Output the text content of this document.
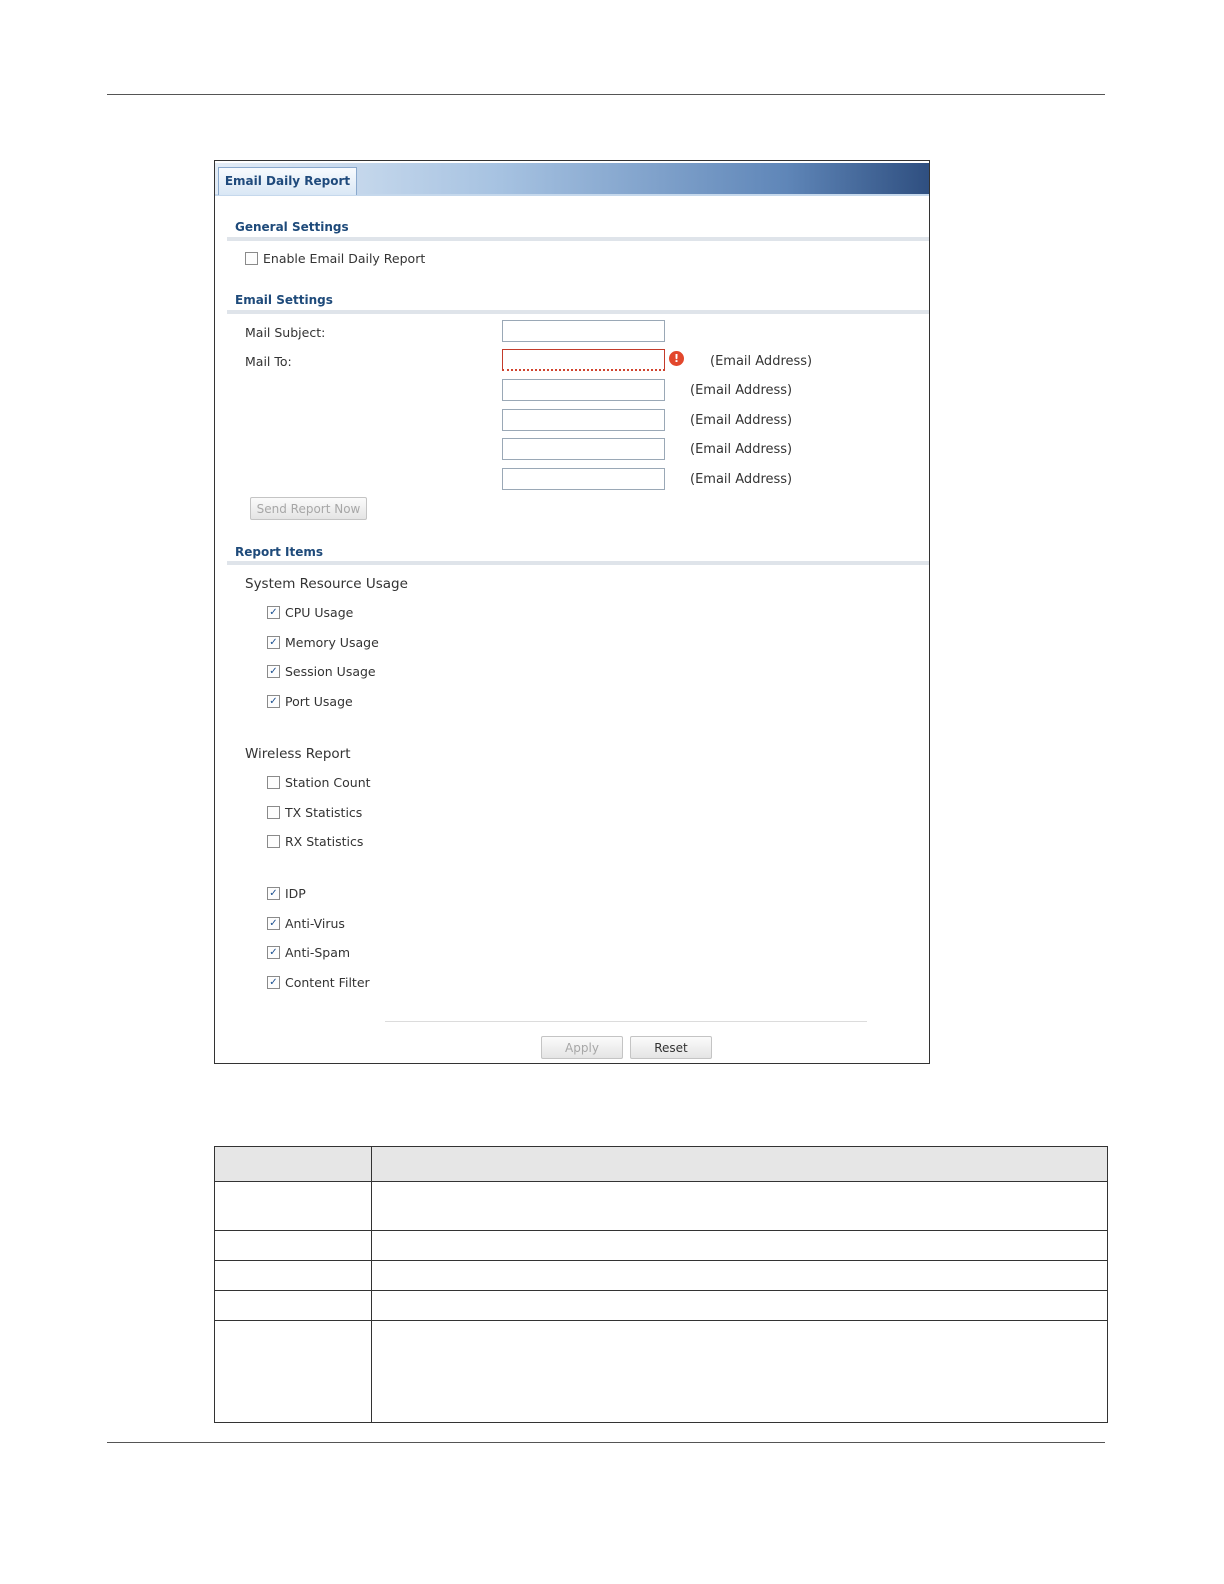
Email Daily Report
General Settings
Enable Email Daily Report
Email Settings
Mail Subject:
Mail To:	!	(Email Address)
(Email Address)
(Email Address)
(Email Address)
(Email Address)
Send Report Now
Report Items
System Resource Usage
✓ CPU Usage
✓ Memory Usage
✓ Session Usage
✓ Port Usage
Wireless Report
Station Count
TX Statistics
RX Statistics
✓ IDP
✓ Anti-Virus
✓ Anti-Spam
✓ Content Filter
Apply	Reset
